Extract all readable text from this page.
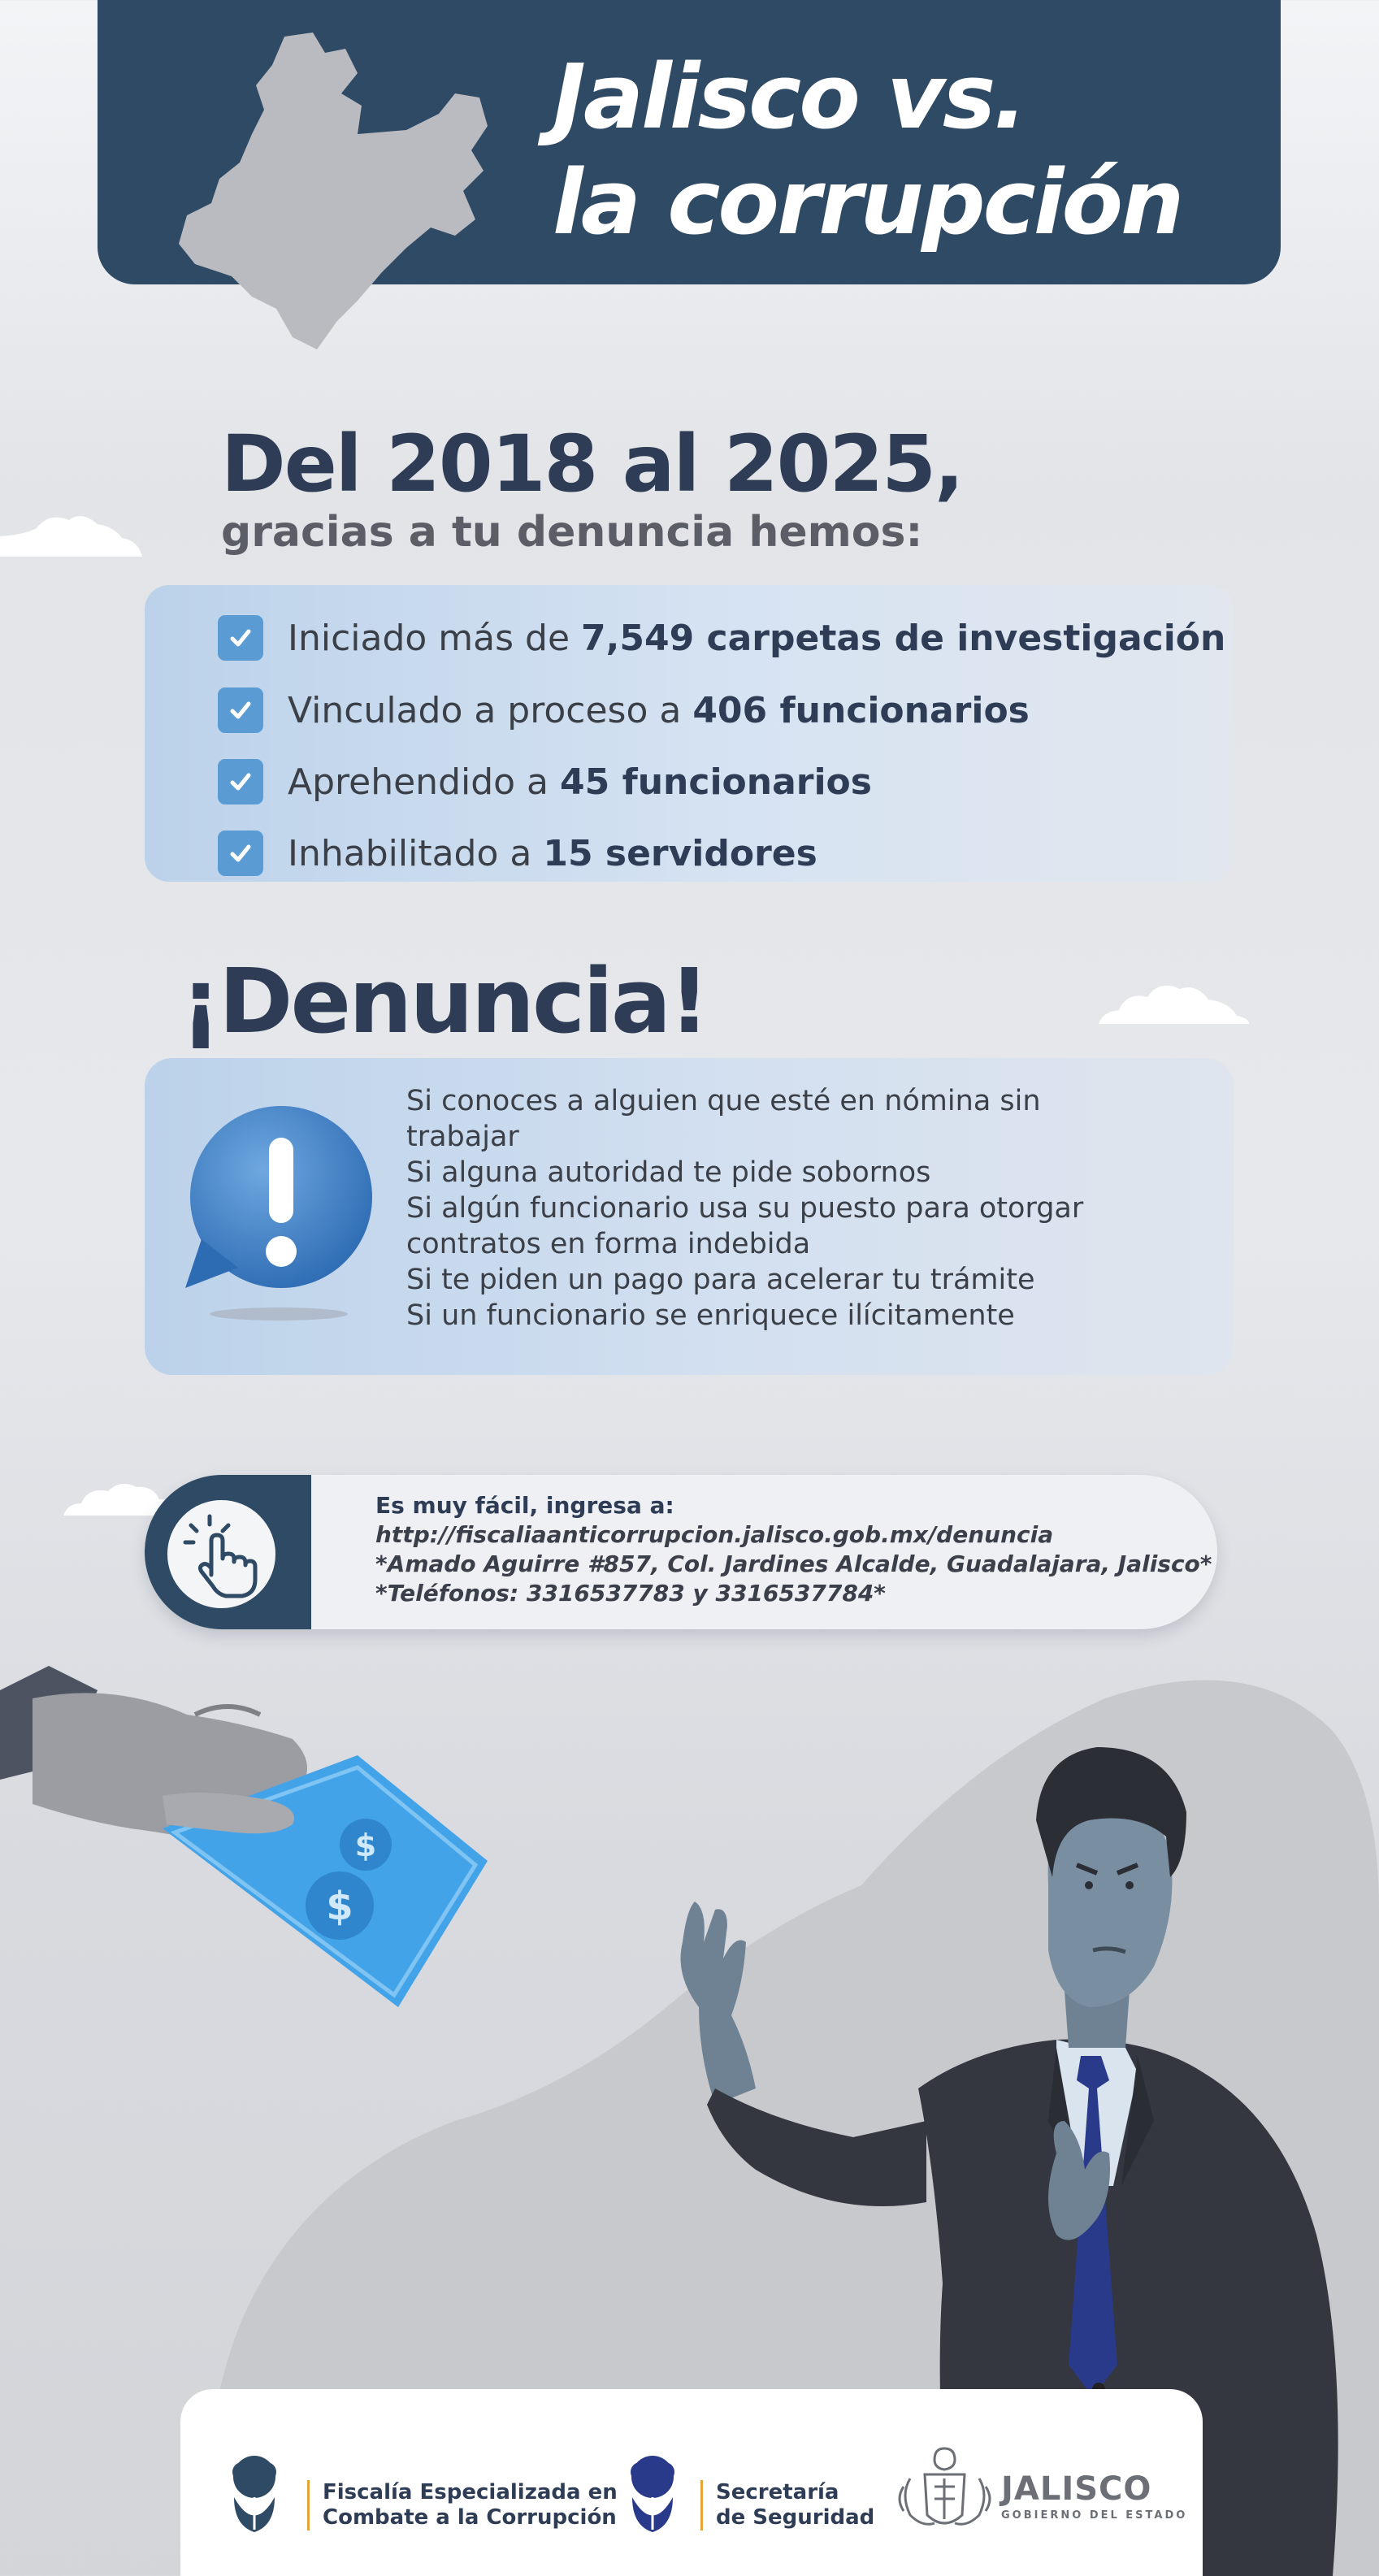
Jalisco vs.
la corrupción
Del 2018 al 2025,
gracias a tu denuncia hemos:
Iniciado más de 7,549 carpetas de investigación
Vinculado a proceso a 406 funcionarios
Aprehendido a 45 funcionarios
Inhabilitado a 15 servidores
¡Denuncia!
Si conoces a alguien que esté en nómina sin
trabajar
Si alguna autoridad te pide sobornos
Si algún funcionario usa su puesto para otorgar
contratos en forma indebida
Si te piden un pago para acelerar tu trámite
Si un funcionario se enriquece ilícitamente
Es muy fácil, ingresa a:
http://fiscaliaanticorrupcion.jalisco.gob.mx/denuncia
*Amado Aguirre #857, Col. Jardines Alcalde, Guadalajara, Jalisco*
*Teléfonos: 3316537783 y 3316537784*
$
$
Fiscalía Especializada en
Combate a la Corrupción
Secretaría
de Seguridad
JALISCO
GOBIERNO DEL ESTADO
